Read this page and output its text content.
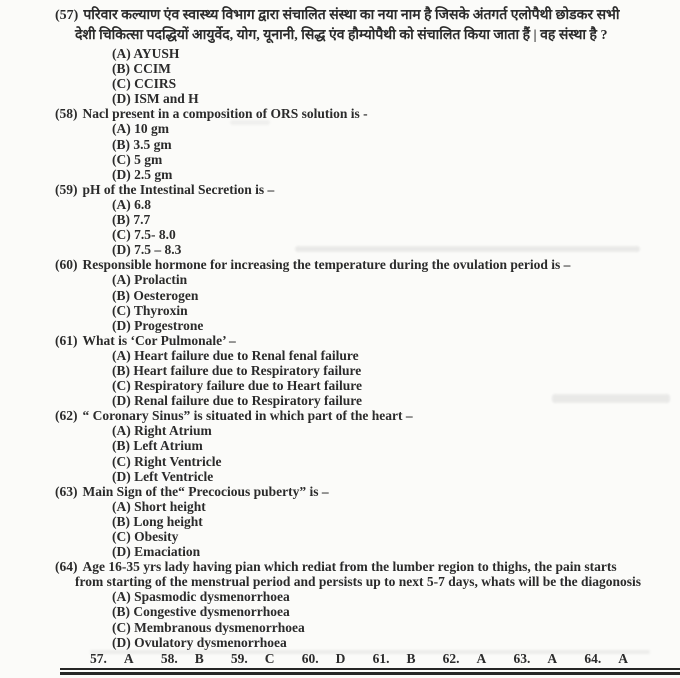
(57) परिवार कल्याण एंव स्वास्थ्य विभाग द्वारा संचालित संस्था का नया नाम है जिसके अंतगर्त एलोपैथी छोडकर सभी
देशी चिकित्सा पदद्धियों आयुर्वेद, योग, यूनानी, सिद्ध एंव हौम्योपैथी को संचालित किया जाता हैं | वह संस्था है ?
(A) AYUSH
(B) CCIM
(C) CCIRS
(D) ISM and H
(58) Nacl present in a composition of ORS solution is -
(A) 10 gm
(B) 3.5 gm
(C) 5 gm
(D) 2.5 gm
(59) pH of the Intestinal Secretion is –
(A) 6.8
(B) 7.7
(C) 7.5- 8.0
(D) 7.5 – 8.3
(60) Responsible hormone for increasing the temperature during the ovulation period is –
(A) Prolactin
(B) Oesterogen
(C) Thyroxin
(D) Progestrone
(61) What is ‘Cor Pulmonale’ –
(A) Heart failure due to Renal fenal failure
(B) Heart failure due to Respiratory failure
(C) Respiratory failure due to Heart failure
(D) Renal failure due to Respiratory failure
(62) “ Coronary Sinus” is situated in which part of the heart –
(A) Right Atrium
(B) Left Atrium
(C) Right Ventricle
(D) Left Ventricle
(63) Main Sign of the“ Precocious puberty” is –
(A) Short height
(B) Long height
(C) Obesity
(D) Emaciation
(64) Age 16-35 yrs lady having pian which rediat from the lumber region to thighs, the pain starts
from starting of the menstrual period and persists up to next 5-7 days, whats will be the diagonosis
(A) Spasmodic dysmenorrhoea
(B) Congestive dysmenorrhoea
(C) Membranous dysmenorrhoea
(D) Ovulatory dysmenorrhoea
57. A 58. B 59. C 60. D 61. B 62. A 63. A 64. A
